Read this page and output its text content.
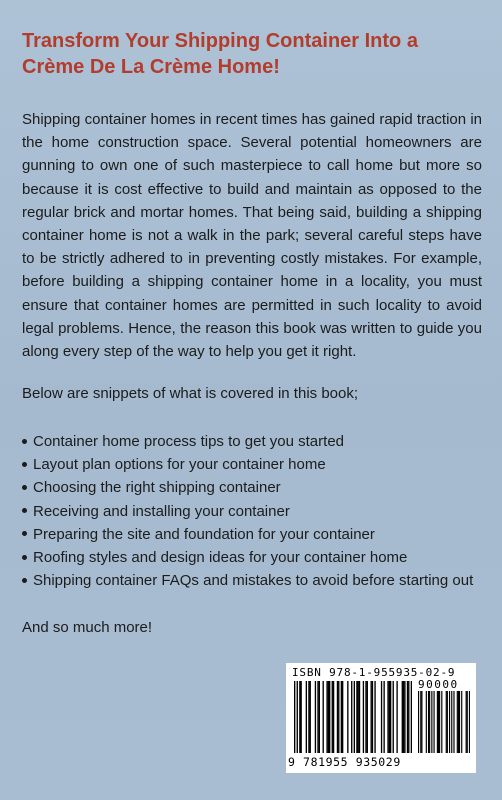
Transform Your Shipping Container Into a
Crème De La Crème Home!

Shipping container homes in recent times has gained rapid traction in the home construction space. Several potential homeowners are gunning to own one of such masterpiece to call home but more so because it is cost effective to build and maintain as opposed to the regular brick and mortar homes. That being said, building a shipping container home is not a walk in the park; several careful steps have to be strictly adhered to in preventing costly mistakes. For example, before building a shipping container home in a locality, you must ensure that container homes are permitted in such locality to avoid legal problems. Hence, the reason this book was written to guide you along every step of the way to help you get it right.

Below are snippets of what is covered in this book;
Container home process tips to get you started
Layout plan options for your container home
Choosing the right shipping container
Receiving and installing your container
Preparing the site and foundation for your container
Roofing styles and design ideas for your container home
Shipping container FAQs and mistakes to avoid before starting out
And so much more!
ISBN 978-1-955935-02-9
90000
9 781955 935029
